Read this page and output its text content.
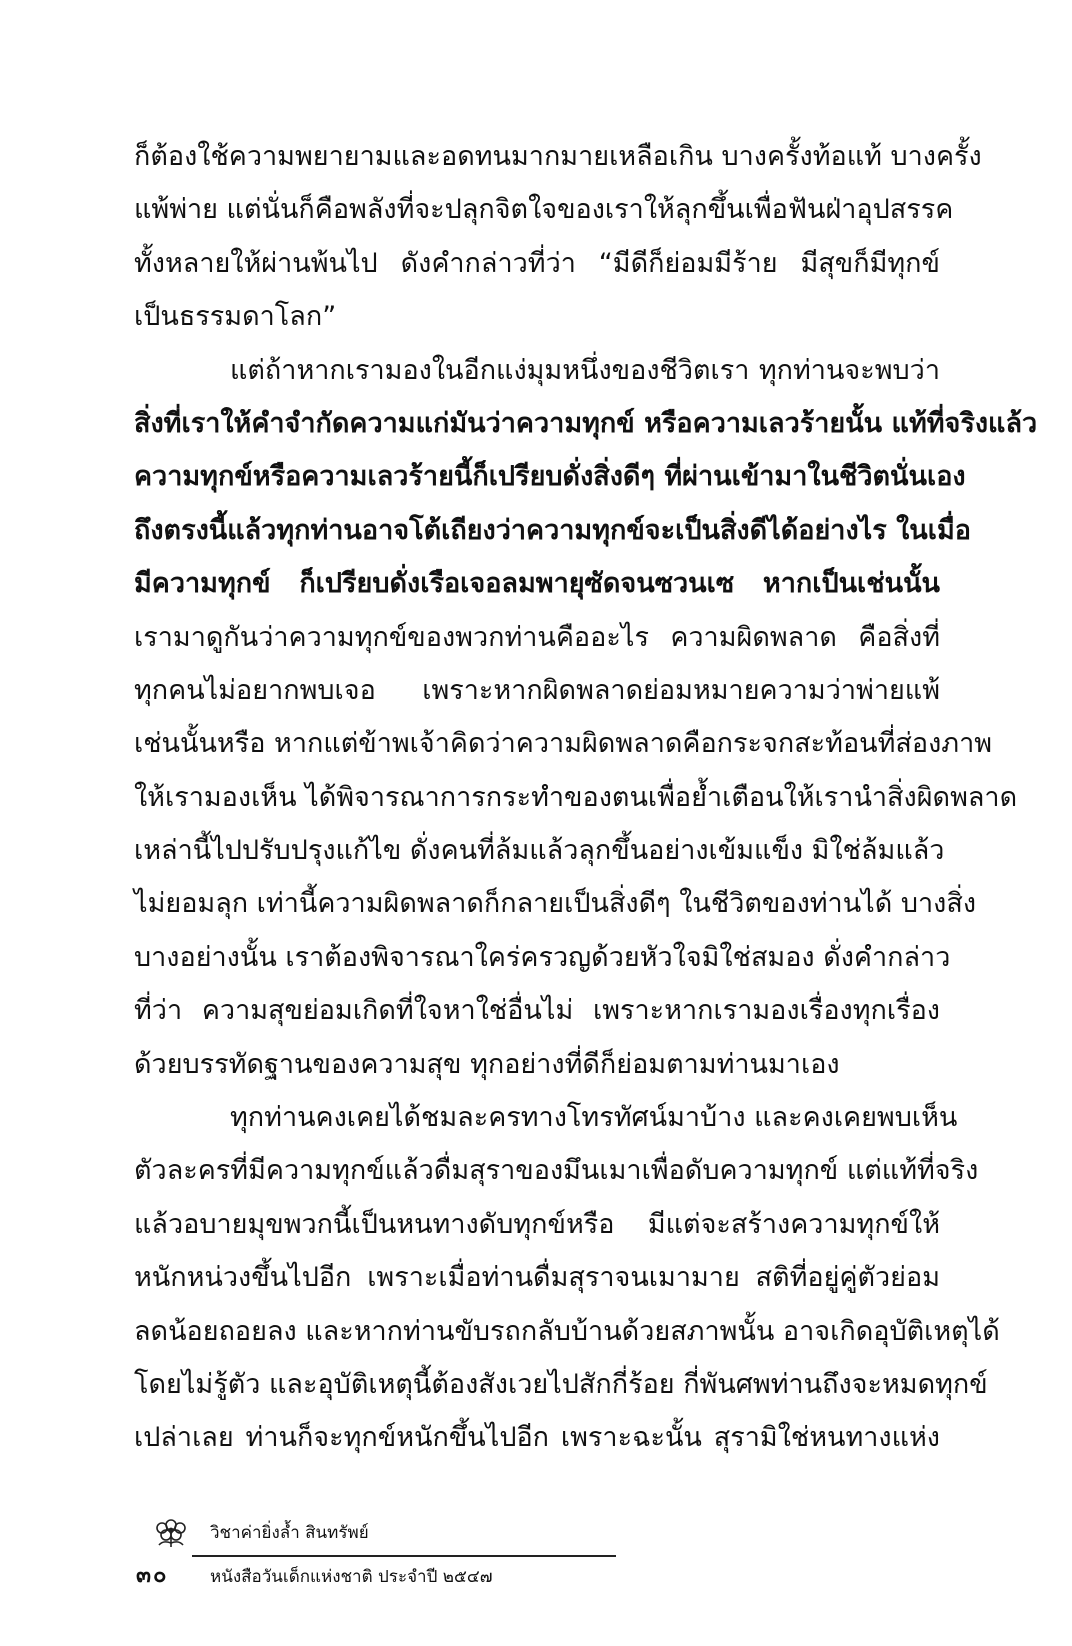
ก็ต้องใช้ความพยายามและอดทนมากมายเหลือเกิน บางครั้งท้อแท้ บางครั้ง
แพ้พ่าย แต่นั่นก็คือพลังที่จะปลุกจิตใจของเราให้ลุกขึ้นเพื่อฟันฝ่าอุปสรรค
ทั้งหลายให้ผ่านพ้นไป ดังคำกล่าวที่ว่า “มีดีก็ย่อมมีร้าย มีสุขก็มีทุกข์
เป็นธรรมดาโลก”
แต่ถ้าหากเรามองในอีกแง่มุมหนึ่งของชีวิตเรา ทุกท่านจะพบว่า
สิ่งที่เราให้คำจำกัดความแก่มันว่าความทุกข์ หรือความเลวร้ายนั้น แท้ที่จริงแล้ว
ความทุกข์หรือความเลวร้ายนี้ก็เปรียบดั่งสิ่งดีๆ ที่ผ่านเข้ามาในชีวิตนั่นเอง
ถึงตรงนี้แล้วทุกท่านอาจโต้เถียงว่าความทุกข์จะเป็นสิ่งดีได้อย่างไร ในเมื่อ
มีความทุกข์ ก็เปรียบดั่งเรือเจอลมพายุซัดจนซวนเซ หากเป็นเช่นนั้น
เรามาดูกันว่าความทุกข์ของพวกท่านคืออะไร ความผิดพลาด คือสิ่งที่
ทุกคนไม่อยากพบเจอ เพราะหากผิดพลาดย่อมหมายความว่าพ่ายแพ้
เช่นนั้นหรือ หากแต่ข้าพเจ้าคิดว่าความผิดพลาดคือกระจกสะท้อนที่ส่องภาพ
ให้เรามองเห็น ได้พิจารณาการกระทำของตนเพื่อย้ำเตือนให้เรานำสิ่งผิดพลาด
เหล่านี้ไปปรับปรุงแก้ไข ดั่งคนที่ล้มแล้วลุกขึ้นอย่างเข้มแข็ง มิใช่ล้มแล้ว
ไม่ยอมลุก เท่านี้ความผิดพลาดก็กลายเป็นสิ่งดีๆ ในชีวิตของท่านได้ บางสิ่ง
บางอย่างนั้น เราต้องพิจารณาใคร่ครวญด้วยหัวใจมิใช่สมอง ดั่งคำกล่าว
ที่ว่า ความสุขย่อมเกิดที่ใจหาใช่อื่นไม่ เพราะหากเรามองเรื่องทุกเรื่อง
ด้วยบรรทัดฐานของความสุข ทุกอย่างที่ดีก็ย่อมตามท่านมาเอง
ทุกท่านคงเคยได้ชมละครทางโทรทัศน์มาบ้าง และคงเคยพบเห็น
ตัวละครที่มีความทุกข์แล้วดื่มสุราของมึนเมาเพื่อดับความทุกข์ แต่แท้ที่จริง
แล้วอบายมุขพวกนี้เป็นหนทางดับทุกข์หรือ มีแต่จะสร้างความทุกข์ให้
หนักหน่วงขึ้นไปอีก เพราะเมื่อท่านดื่มสุราจนเมามาย สติที่อยู่คู่ตัวย่อม
ลดน้อยถอยลง และหากท่านขับรถกลับบ้านด้วยสภาพนั้น อาจเกิดอุบัติเหตุได้
โดยไม่รู้ตัว และอุบัติเหตุนี้ต้องสังเวยไปสักกี่ร้อย กี่พันศพท่านถึงจะหมดทุกข์
เปล่าเลย ท่านก็จะทุกข์หนักขึ้นไปอีก เพราะฉะนั้น สุรามิใช่หนทางแห่ง
วิชาค่ายิ่งล้ำ สินทรัพย์
๓๐ หนังสือวันเด็กแห่งชาติ ประจำปี ๒๕๔๗
